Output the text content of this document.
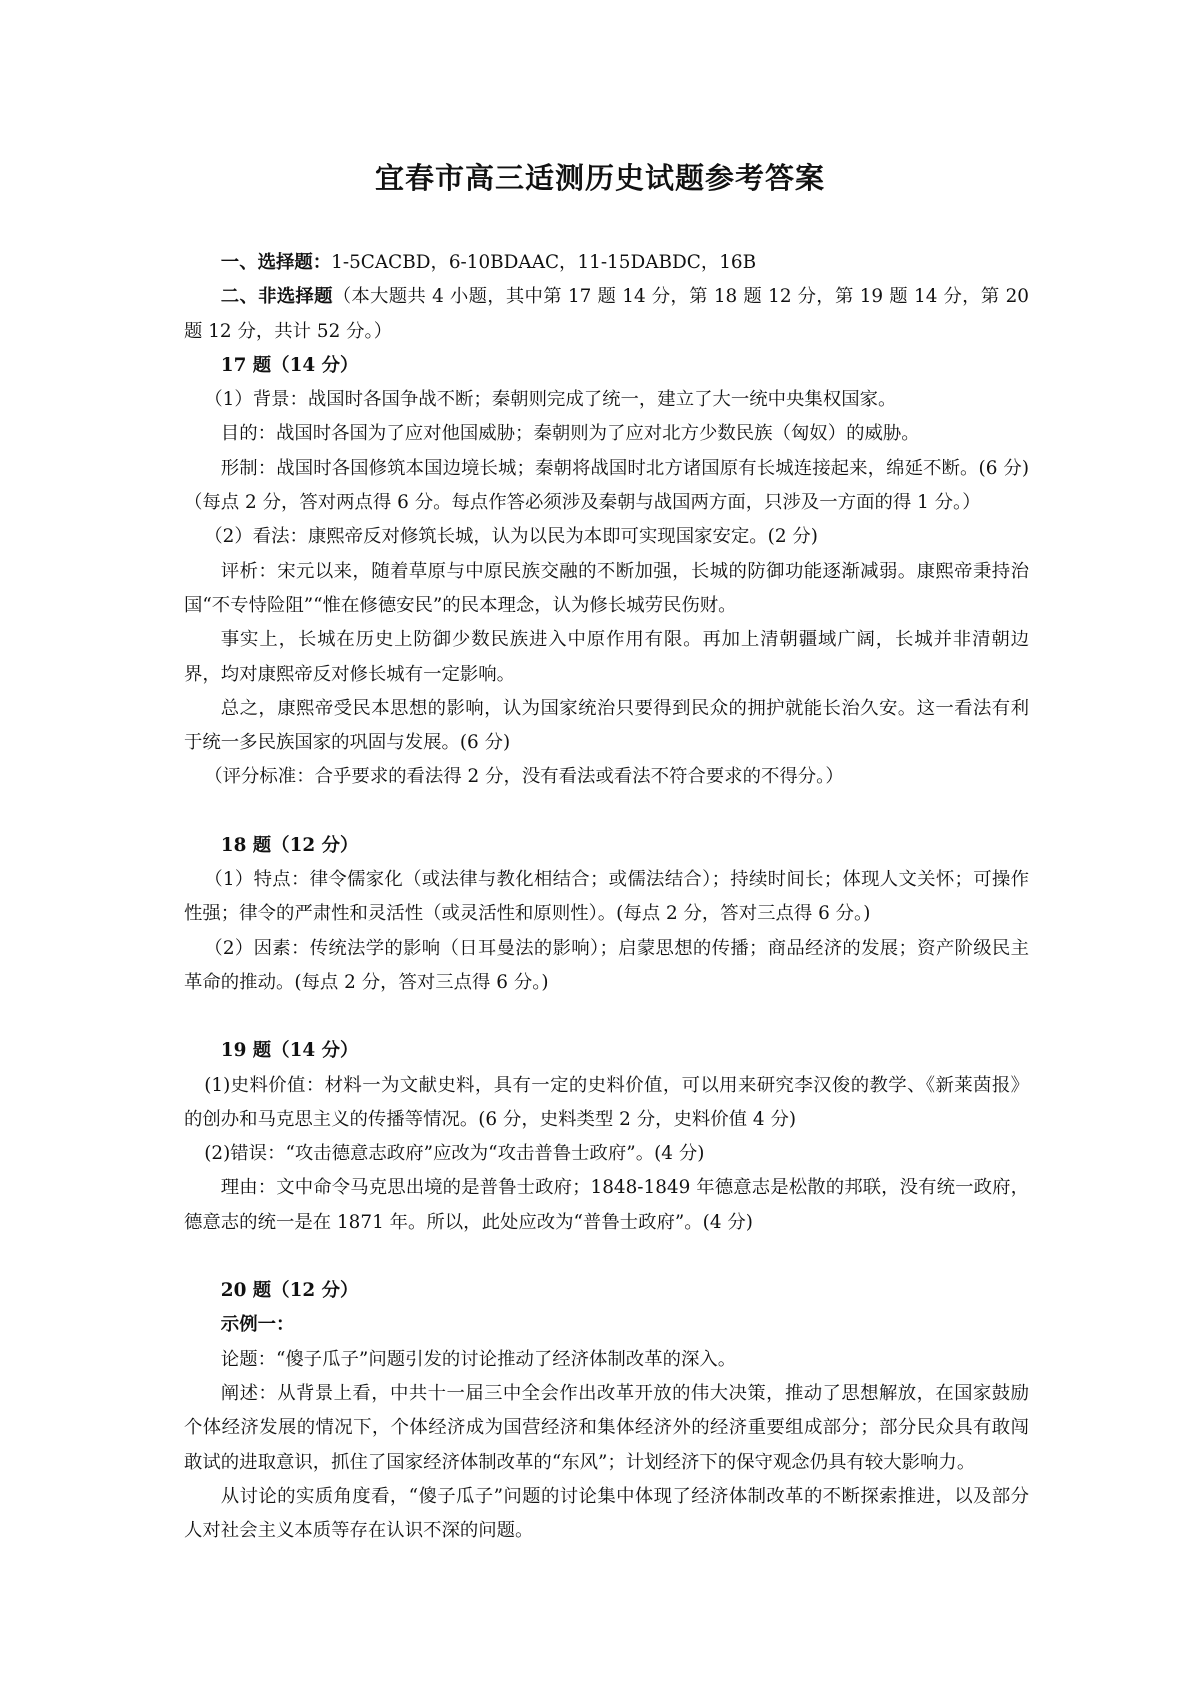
宜春市高三适测历史试题参考答案

一、选择题：1-5CACBD，6-10BDAAC，11-15DABDC，16B

二、非选择题（本大题共 4 小题，其中第 17 题 14 分，第 18 题 12 分，第 19 题 14 分，第 20 题 12 分，共计 52 分。）

17 题（14 分）

（1）背景：战国时各国争战不断；秦朝则完成了统一，建立了大一统中央集权国家。

目的：战国时各国为了应对他国威胁；秦朝则为了应对北方少数民族（匈奴）的威胁。

形制：战国时各国修筑本国边境长城；秦朝将战国时北方诸国原有长城连接起来，绵延不断。(6 分)（每点 2 分，答对两点得 6 分。每点作答必须涉及秦朝与战国两方面，只涉及一方面的得 1 分。）

（2）看法：康熙帝反对修筑长城，认为以民为本即可实现国家安定。(2 分)

评析：宋元以来，随着草原与中原民族交融的不断加强，长城的防御功能逐渐减弱。康熙帝秉持治国“不专恃险阻”“惟在修德安民”的民本理念，认为修长城劳民伤财。

事实上，长城在历史上防御少数民族进入中原作用有限。再加上清朝疆域广阔，长城并非清朝边界，均对康熙帝反对修长城有一定影响。

总之，康熙帝受民本思想的影响，认为国家统治只要得到民众的拥护就能长治久安。这一看法有利于统一多民族国家的巩固与发展。(6 分)

（评分标准：合乎要求的看法得 2 分，没有看法或看法不符合要求的不得分。）

18 题（12 分）

（1）特点：律令儒家化（或法律与教化相结合；或儒法结合）；持续时间长；体现人文关怀；可操作性强；律令的严肃性和灵活性（或灵活性和原则性）。(每点 2 分，答对三点得 6 分。)

（2）因素：传统法学的影响（日耳曼法的影响）；启蒙思想的传播；商品经济的发展；资产阶级民主革命的推动。(每点 2 分，答对三点得 6 分。)

19 题（14 分）

(1)史料价值：材料一为文献史料，具有一定的史料价值，可以用来研究李汉俊的教学、《新莱茵报》的创办和马克思主义的传播等情况。(6 分，史料类型 2 分，史料价值 4 分)

(2)错误：“攻击德意志政府”应改为“攻击普鲁士政府”。(4 分)

理由：文中命令马克思出境的是普鲁士政府；1848-1849 年德意志是松散的邦联，没有统一政府，德意志的统一是在 1871 年。所以，此处应改为“普鲁士政府”。(4 分)

20 题（12 分）

示例一：

论题：“傻子瓜子”问题引发的讨论推动了经济体制改革的深入。

阐述：从背景上看，中共十一届三中全会作出改革开放的伟大决策，推动了思想解放，在国家鼓励个体经济发展的情况下，个体经济成为国营经济和集体经济外的经济重要组成部分；部分民众具有敢闯敢试的进取意识，抓住了国家经济体制改革的“东风”；计划经济下的保守观念仍具有较大影响力。

从讨论的实质角度看，“傻子瓜子”问题的讨论集中体现了经济体制改革的不断探索推进，以及部分人对社会主义本质等存在认识不深的问题。
